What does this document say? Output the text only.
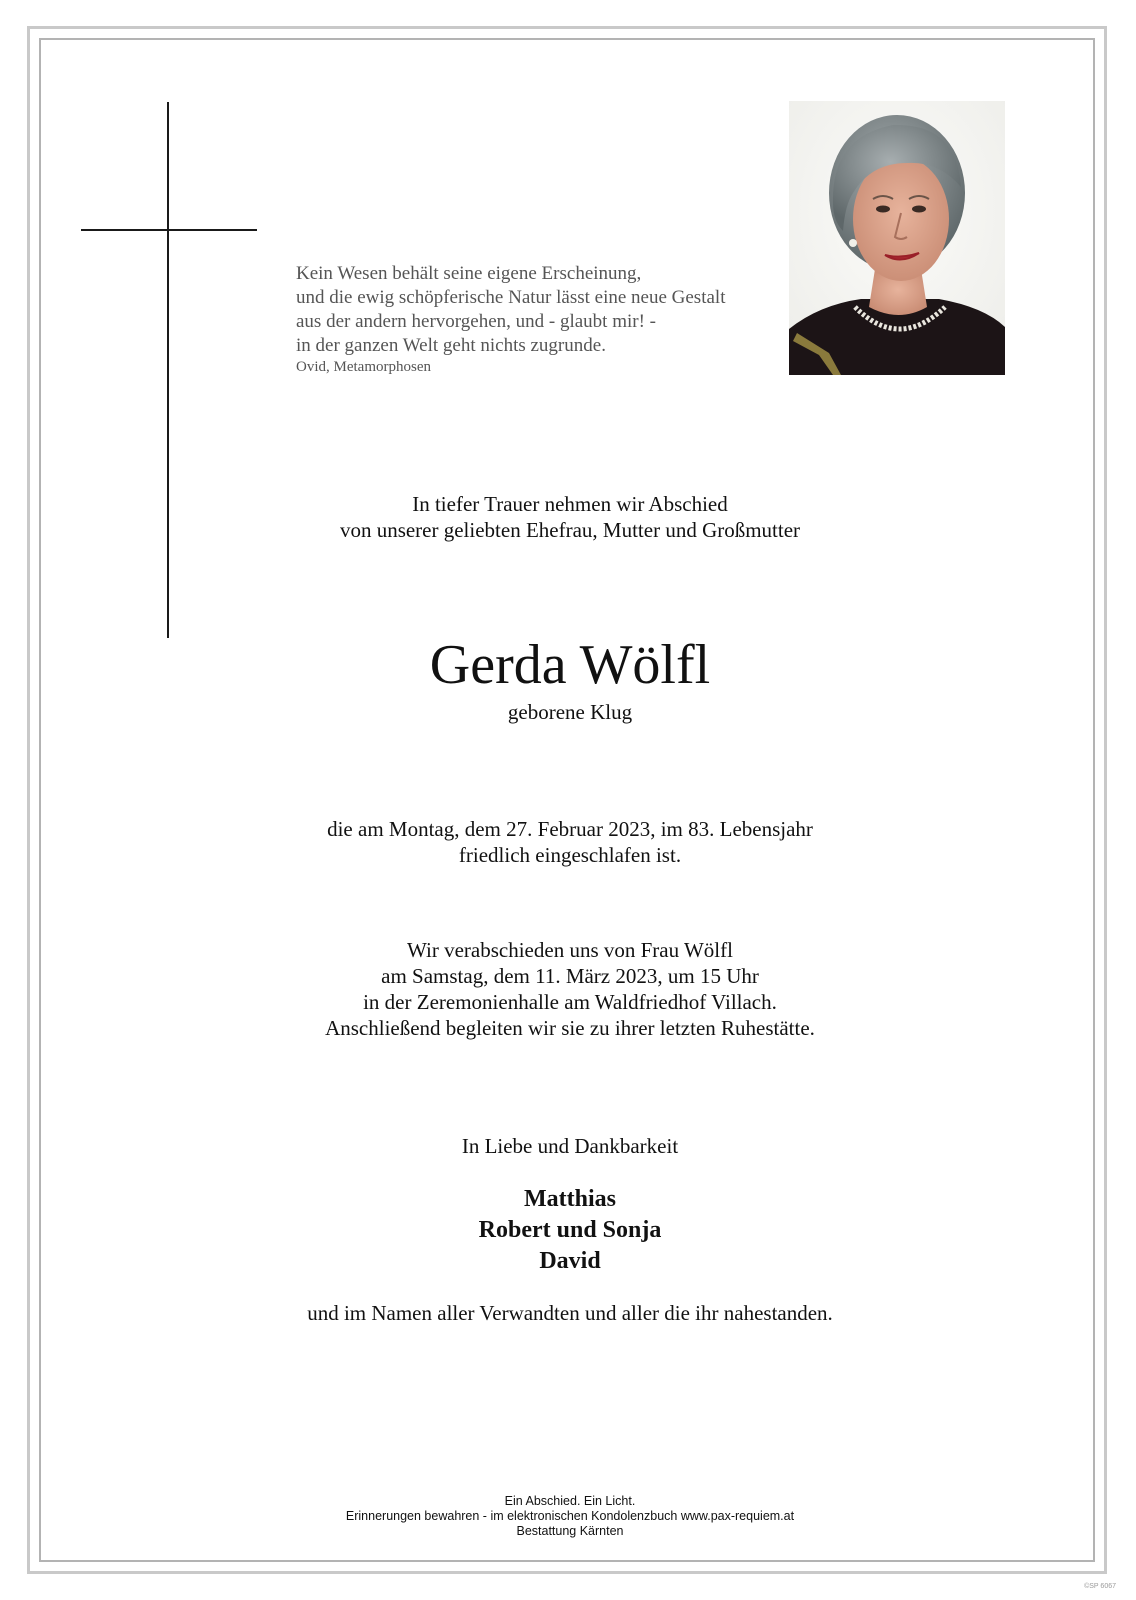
Kein Wesen behält seine eigene Erscheinung,
und die ewig schöpferische Natur lässt eine neue Gestalt
aus der andern hervorgehen, und - glaubt mir! -
in der ganzen Welt geht nichts zugrunde.
Ovid, Metamorphosen
In tiefer Trauer nehmen wir Abschied
von unserer geliebten Ehefrau, Mutter und Großmutter
Gerda Wölfl
geborene Klug
die am Montag, dem 27. Februar 2023, im 83. Lebensjahr
friedlich eingeschlafen ist.
Wir verabschieden uns von Frau Wölfl
am Samstag, dem 11. März 2023, um 15 Uhr
in der Zeremonienhalle am Waldfriedhof Villach.
Anschließend begleiten wir sie zu ihrer letzten Ruhestätte.
In Liebe und Dankbarkeit
Matthias
Robert und Sonja
David
und im Namen aller Verwandten und aller die ihr nahestanden.
Ein Abschied. Ein Licht.
Erinnerungen bewahren - im elektronischen Kondolenzbuch www.pax-requiem.at
Bestattung Kärnten
©SP 6067
